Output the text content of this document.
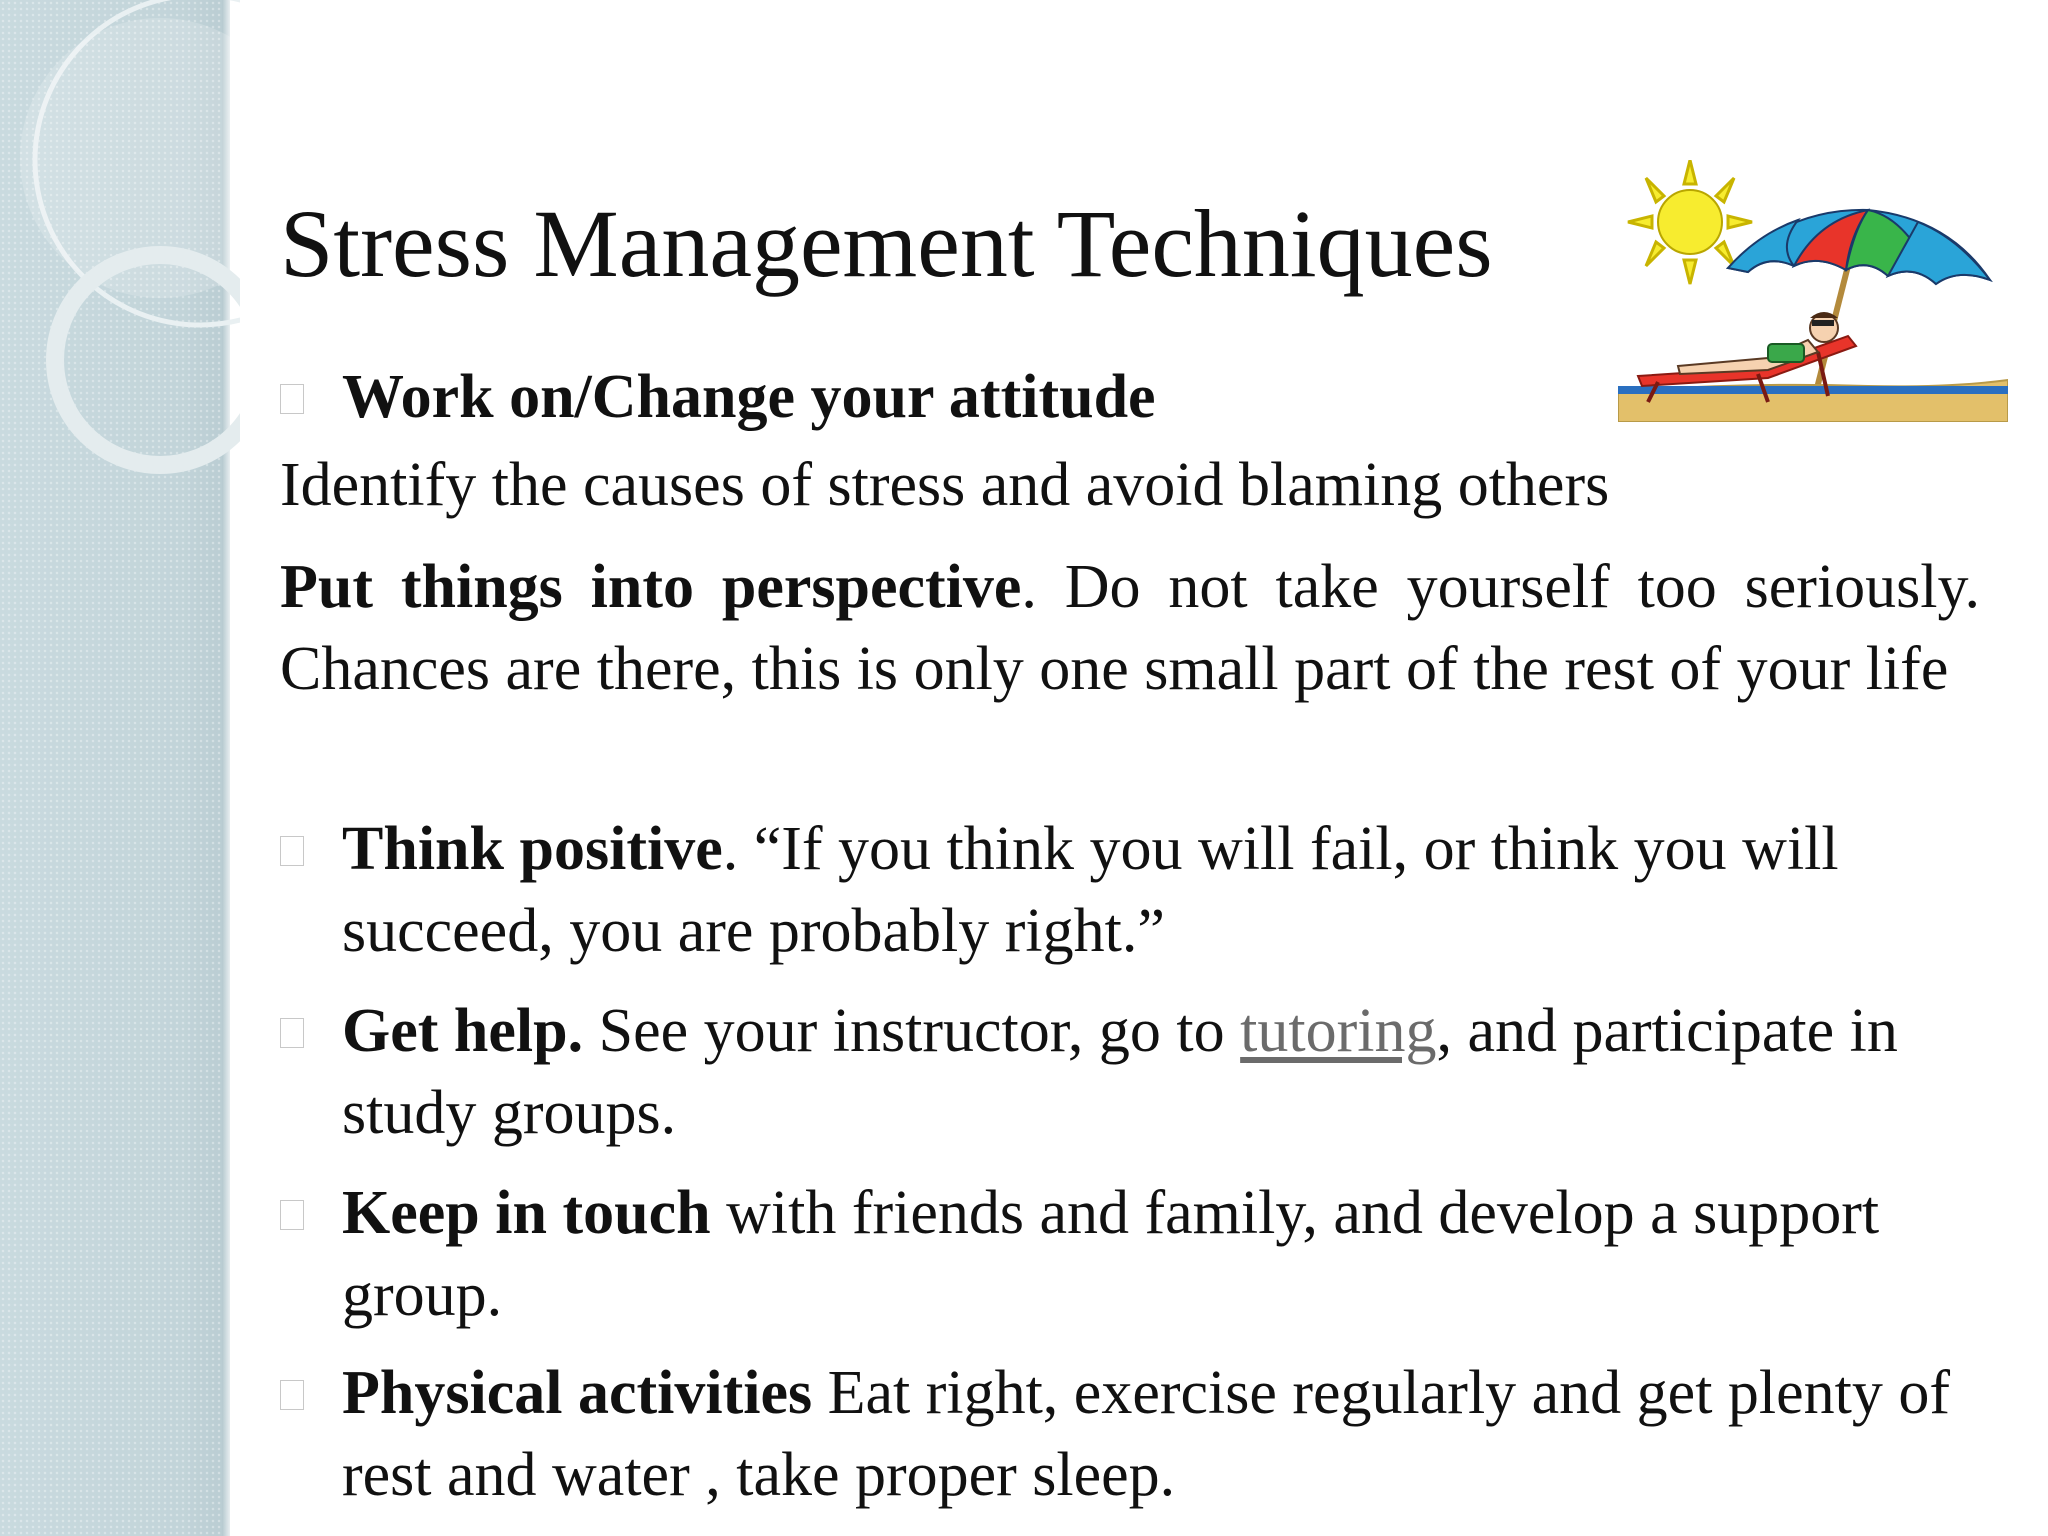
Stress Management Techniques
Work on/Change your attitude
Identify the causes of stress and avoid blaming others
Put things into perspective. Do not take yourself too seriously. Chances are there, this is only one small part of the rest of your life
Think positive. “If you think you will fail, or think you will succeed, you are probably right.”
Get help. See your instructor, go to tutoring, and participate in study groups.
Keep in touch with friends and family, and develop a support group.
Physical activities Eat right, exercise regularly and get plenty of rest and water , take proper sleep.
